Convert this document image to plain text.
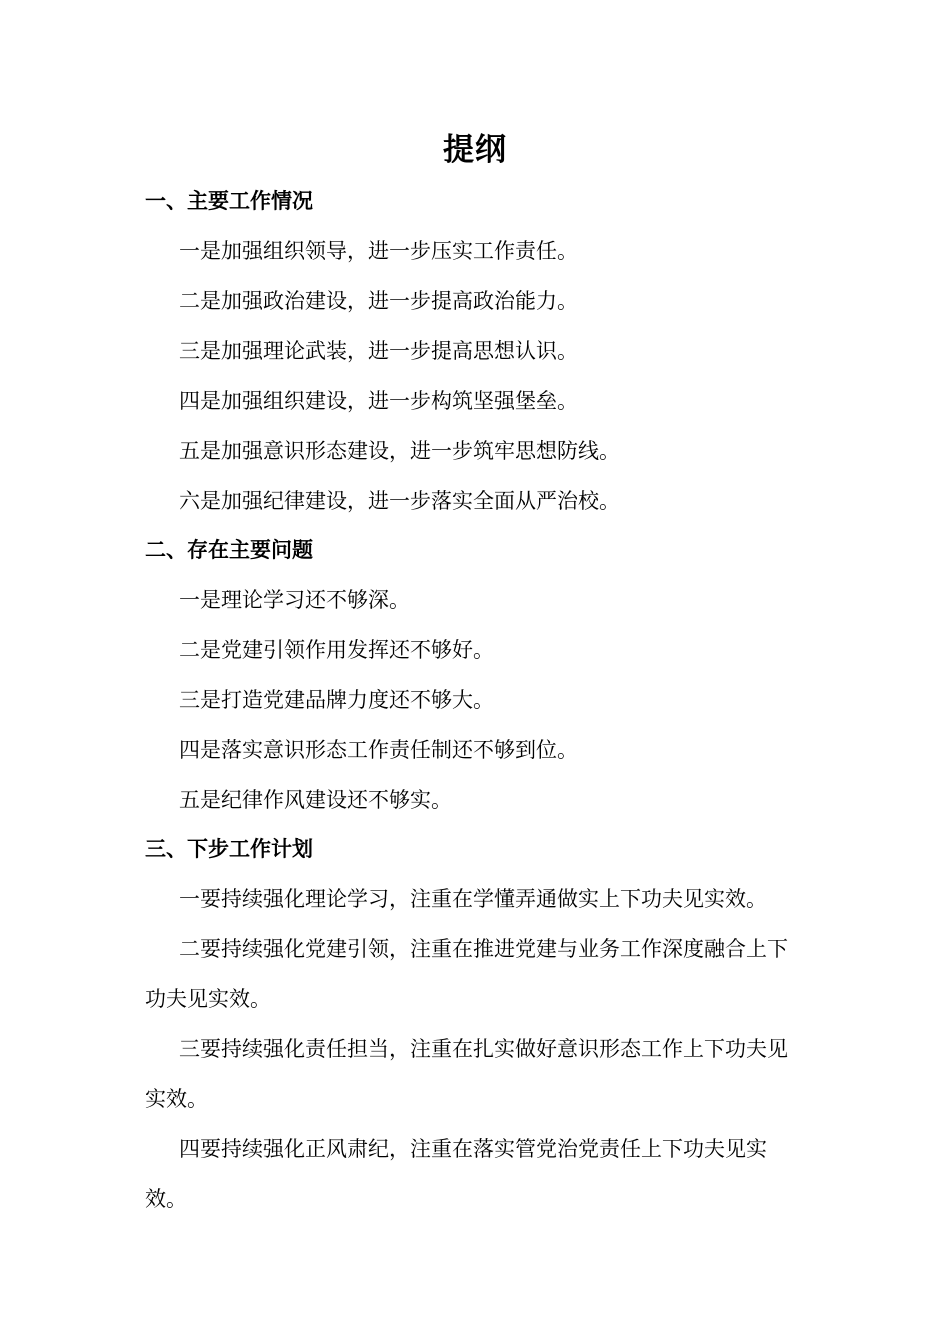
提纲
一、主要工作情况
一是加强组织领导，进一步压实工作责任。
二是加强政治建设，进一步提高政治能力。
三是加强理论武装，进一步提高思想认识。
四是加强组织建设，进一步构筑坚强堡垒。
五是加强意识形态建设，进一步筑牢思想防线。
六是加强纪律建设，进一步落实全面从严治校。
二、存在主要问题
一是理论学习还不够深。
二是党建引领作用发挥还不够好。
三是打造党建品牌力度还不够大。
四是落实意识形态工作责任制还不够到位。
五是纪律作风建设还不够实。
三、下步工作计划
一要持续强化理论学习，注重在学懂弄通做实上下功夫见实效。
二要持续强化党建引领，注重在推进党建与业务工作深度融合上下功夫见实效。
三要持续强化责任担当，注重在扎实做好意识形态工作上下功夫见实效。
四要持续强化正风肃纪，注重在落实管党治党责任上下功夫见实效。
